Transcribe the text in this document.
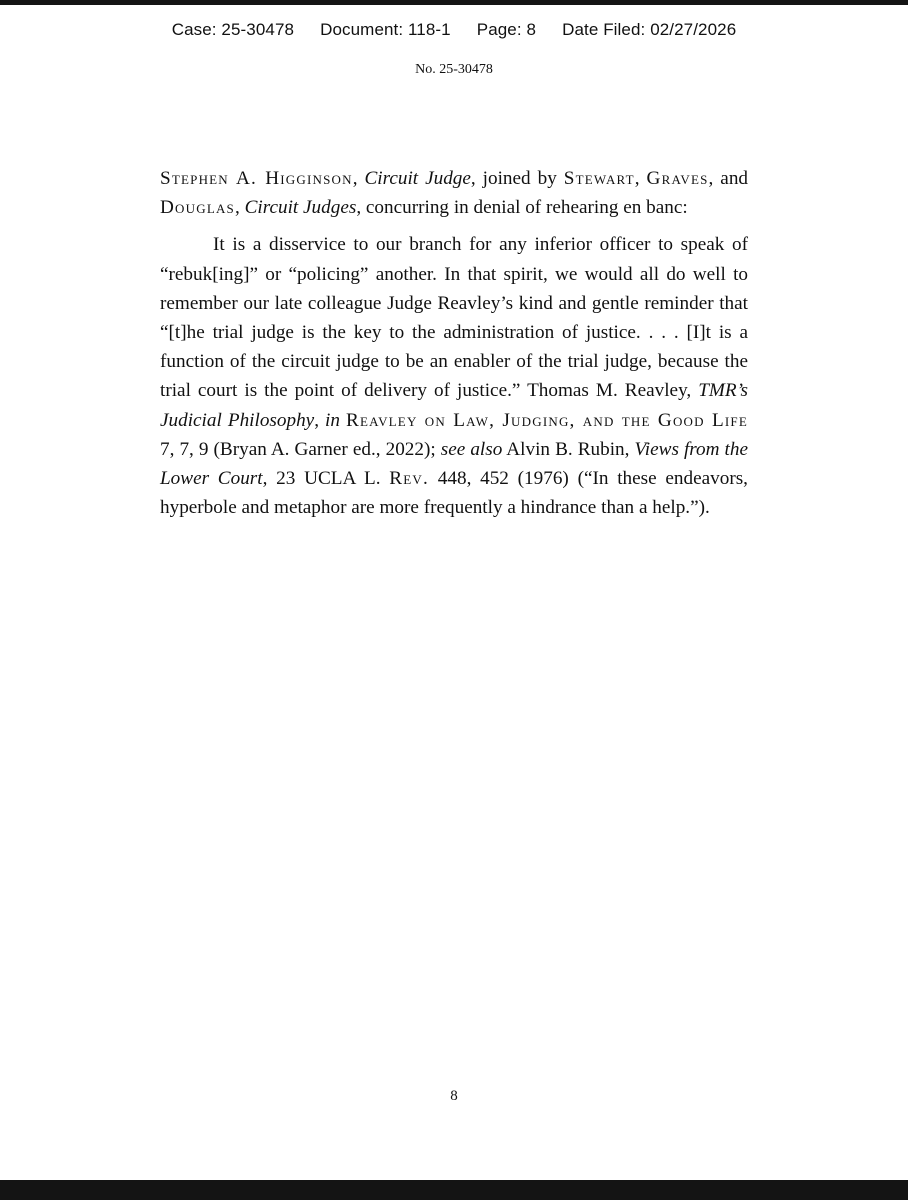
Case: 25-30478 Document: 118-1 Page: 8 Date Filed: 02/27/2026
No. 25-30478

Stephen A. Higginson, Circuit Judge, joined by Stewart, Graves, and Douglas, Circuit Judges, concurring in denial of rehearing en banc:

It is a disservice to our branch for any inferior officer to speak of “rebuk[ing]” or “policing” another. In that spirit, we would all do well to remember our late colleague Judge Reavley’s kind and gentle reminder that “[t]he trial judge is the key to the administration of justice. . . . [I]t is a function of the circuit judge to be an enabler of the trial judge, because the trial court is the point of delivery of justice.” Thomas M. Reavley, TMR’s Judicial Philosophy, in Reavley on Law, Judging, and the Good Life 7, 7, 9 (Bryan A. Garner ed., 2022); see also Alvin B. Rubin, Views from the Lower Court, 23 UCLA L. Rev. 448, 452 (1976) (“In these endeavors, hyperbole and metaphor are more frequently a hindrance than a help.”).

8
